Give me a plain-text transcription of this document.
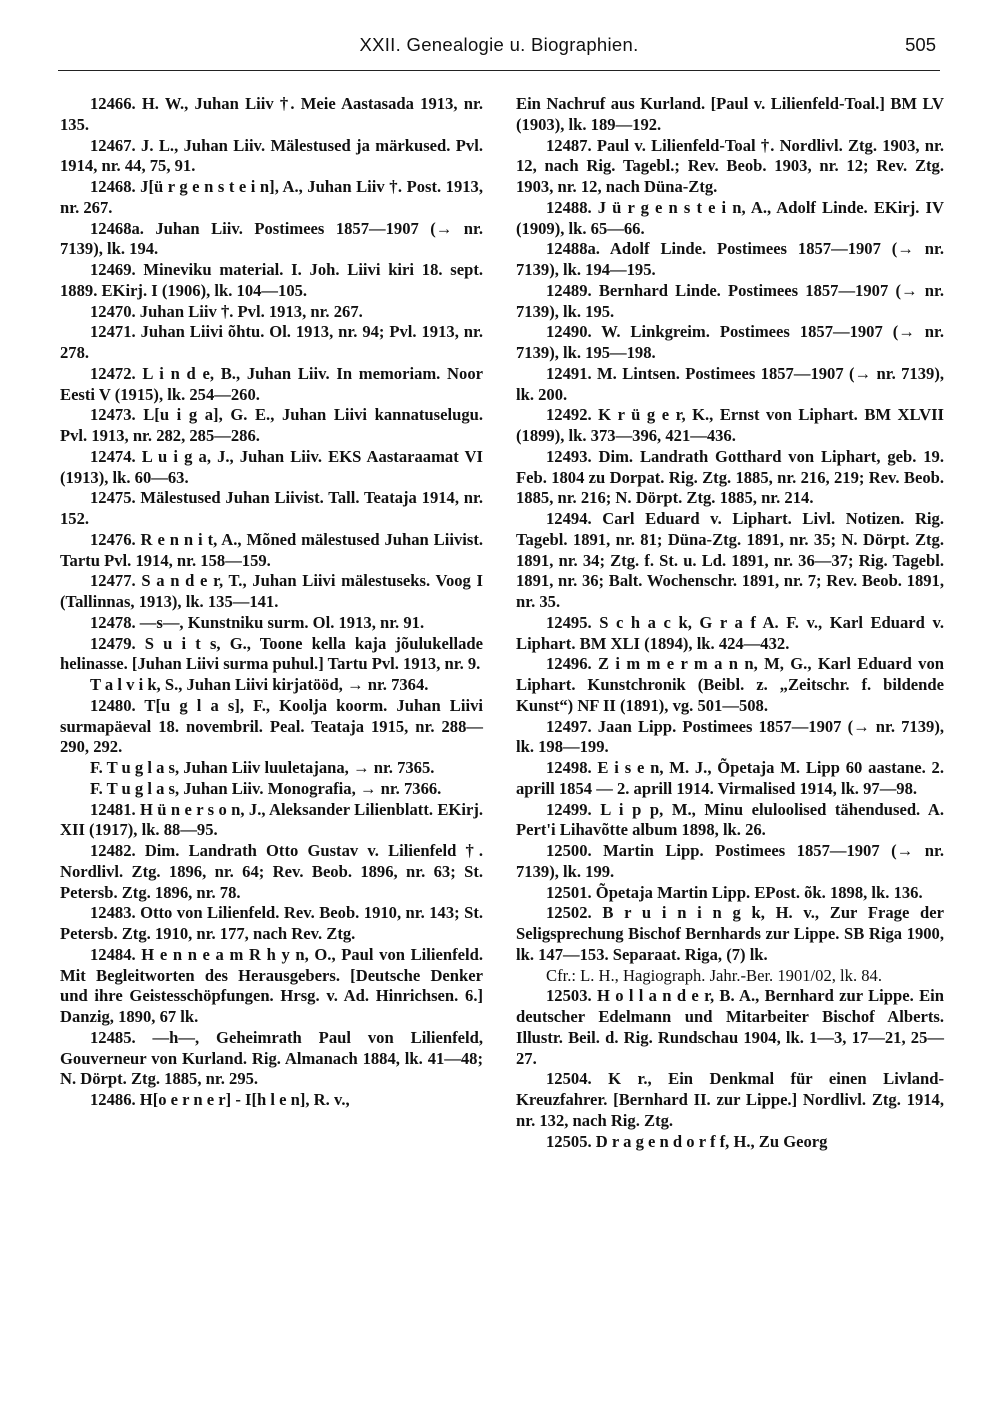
XXII. Genealogie u. Biographien.	505

12466. H. W., Juhan Liiv †. Meie Aastasada 1913, nr. 135.

12467. J. L., Juhan Liiv. Mälestused ja märkused. Pvl. 1914, nr. 44, 75, 91.

12468. J[ü r g e n s t e i n], A., Juhan Liiv †. Post. 1913, nr. 267.

12468a. Juhan Liiv. Postimees 1857—1907 (→ nr. 7139), lk. 194.

12469. Mineviku material. I. Joh. Liivi kiri 18. sept. 1889. EKirj. I (1906), lk. 104—105.

12470. Juhan Liiv †. Pvl. 1913, nr. 267.

12471. Juhan Liivi õhtu. Ol. 1913, nr. 94; Pvl. 1913, nr. 278.

12472. L i n d e, B., Juhan Liiv. In memoriam. Noor Eesti V (1915), lk. 254—260.

12473. L[u i g a], G. E., Juhan Liivi kannatuselugu. Pvl. 1913, nr. 282, 285—286.

12474. L u i g a, J., Juhan Liiv. EKS Aastaraamat VI (1913), lk. 60—63.

12475. Mälestused Juhan Liivist. Tall. Teataja 1914, nr. 152.

12476. R e n n i t, A., Mõned mälestused Juhan Liivist. Tartu Pvl. 1914, nr. 158—159.

12477. S a n d e r, T., Juhan Liivi mälestuseks. Voog I (Tallinnas, 1913), lk. 135—141.

12478. —s—, Kunstniku surm. Ol. 1913, nr. 91.

12479. S u i t s, G., Toone kella kaja jõulukellade helinasse. [Juhan Liivi surma puhul.] Tartu Pvl. 1913, nr. 9.

T a l v i k, S., Juhan Liivi kirjatööd, → nr. 7364.

12480. T[u g l a s], F., Koolja koorm. Juhan Liivi surmapäeval 18. novembril. Peal. Teataja 1915, nr. 288—290, 292.

F. T u g l a s, Juhan Liiv luuletajana, → nr. 7365.

F. T u g l a s, Juhan Liiv. Monografia, → nr. 7366.

12481. H ü n e r s o n, J., Aleksander Lilienblatt. EKirj. XII (1917), lk. 88—95.

12482. Dim. Landrath Otto Gustav v. Lilienfeld †. Nordlivl. Ztg. 1896, nr. 64; Rev. Beob. 1896, nr. 63; St. Petersb. Ztg. 1896, nr. 78.

12483. Otto von Lilienfeld. Rev. Beob. 1910, nr. 143; St. Petersb. Ztg. 1910, nr. 177, nach Rev. Ztg.

12484. H e n n e a m R h y n, O., Paul von Lilienfeld. Mit Begleitworten des Herausgebers. [Deutsche Denker und ihre Geistesschöpfungen. Hrsg. v. Ad. Hinrichsen. 6.] Danzig, 1890, 67 lk.

12485. —h—, Geheimrath Paul von Lilienfeld, Gouverneur von Kurland. Rig. Almanach 1884, lk. 41—48; N. Dörpt. Ztg. 1885, nr. 295.

12486. H[o e r n e r] - I[h l e n], R. v.,

Ein Nachruf aus Kurland. [Paul v. Lilienfeld-Toal.] BM LV (1903), lk. 189—192.

12487. Paul v. Lilienfeld-Toal †. Nordlivl. Ztg. 1903, nr. 12, nach Rig. Tagebl.; Rev. Beob. 1903, nr. 12; Rev. Ztg. 1903, nr. 12, nach Düna-Ztg.

12488. J ü r g e n s t e i n, A., Adolf Linde. EKirj. IV (1909), lk. 65—66.

12488a. Adolf Linde. Postimees 1857—1907 (→ nr. 7139), lk. 194—195.

12489. Bernhard Linde. Postimees 1857—1907 (→ nr. 7139), lk. 195.

12490. W. Linkgreim. Postimees 1857—1907 (→ nr. 7139), lk. 195—198.

12491. M. Lintsen. Postimees 1857—1907 (→ nr. 7139), lk. 200.

12492. K r ü g e r, K., Ernst von Liphart. BM XLVII (1899), lk. 373—396, 421—436.

12493. Dim. Landrath Gotthard von Liphart, geb. 19. Feb. 1804 zu Dorpat. Rig. Ztg. 1885, nr. 216, 219; Rev. Beob. 1885, nr. 216; N. Dörpt. Ztg. 1885, nr. 214.

12494. Carl Eduard v. Liphart. Livl. Notizen. Rig. Tagebl. 1891, nr. 81; Düna-Ztg. 1891, nr. 35; N. Dörpt. Ztg. 1891, nr. 34; Ztg. f. St. u. Ld. 1891, nr. 36—37; Rig. Tagebl. 1891, nr. 36; Balt. Wochenschr. 1891, nr. 7; Rev. Beob. 1891, nr. 35.

12495. S c h a c k, G r a f A. F. v., Karl Eduard v. Liphart. BM XLI (1894), lk. 424—432.

12496. Z i m m e r m a n n, M, G., Karl Eduard von Liphart. Kunstchronik (Beibl. z. „Zeitschr. f. bildende Kunst“) NF II (1891), vg. 501—508.

12497. Jaan Lipp. Postimees 1857—1907 (→ nr. 7139), lk. 198—199.

12498. E i s e n, M. J., Õpetaja M. Lipp 60 aastane. 2. aprill 1854 — 2. aprill 1914. Virmalised 1914, lk. 97—98.

12499. L i p p, M., Minu eluloolised tähendused. A. Pert'i Lihavõtte album 1898, lk. 26.

12500. Martin Lipp. Postimees 1857—1907 (→ nr. 7139), lk. 199.

12501. Õpetaja Martin Lipp. EPost. õk. 1898, lk. 136.

12502. B r u i n i n g k, H. v., Zur Frage der Seligsprechung Bischof Bernhards zur Lippe. SB Riga 1900, lk. 147—153. Separaat. Riga, (7) lk.

Cfr.: L. H., Hagiograph. Jahr.-Ber. 1901/02, lk. 84.

12503. H o l l a n d e r, B. A., Bernhard zur Lippe. Ein deutscher Edelmann und Mitarbeiter Bischof Alberts. Illustr. Beil. d. Rig. Rundschau 1904, lk. 1—3, 17—21, 25—27.

12504. K r., Ein Denkmal für einen Livland-Kreuzfahrer. [Bernhard II. zur Lippe.] Nordlivl. Ztg. 1914, nr. 132, nach Rig. Ztg.

12505. D r a g e n d o r f f, H., Zu Georg
